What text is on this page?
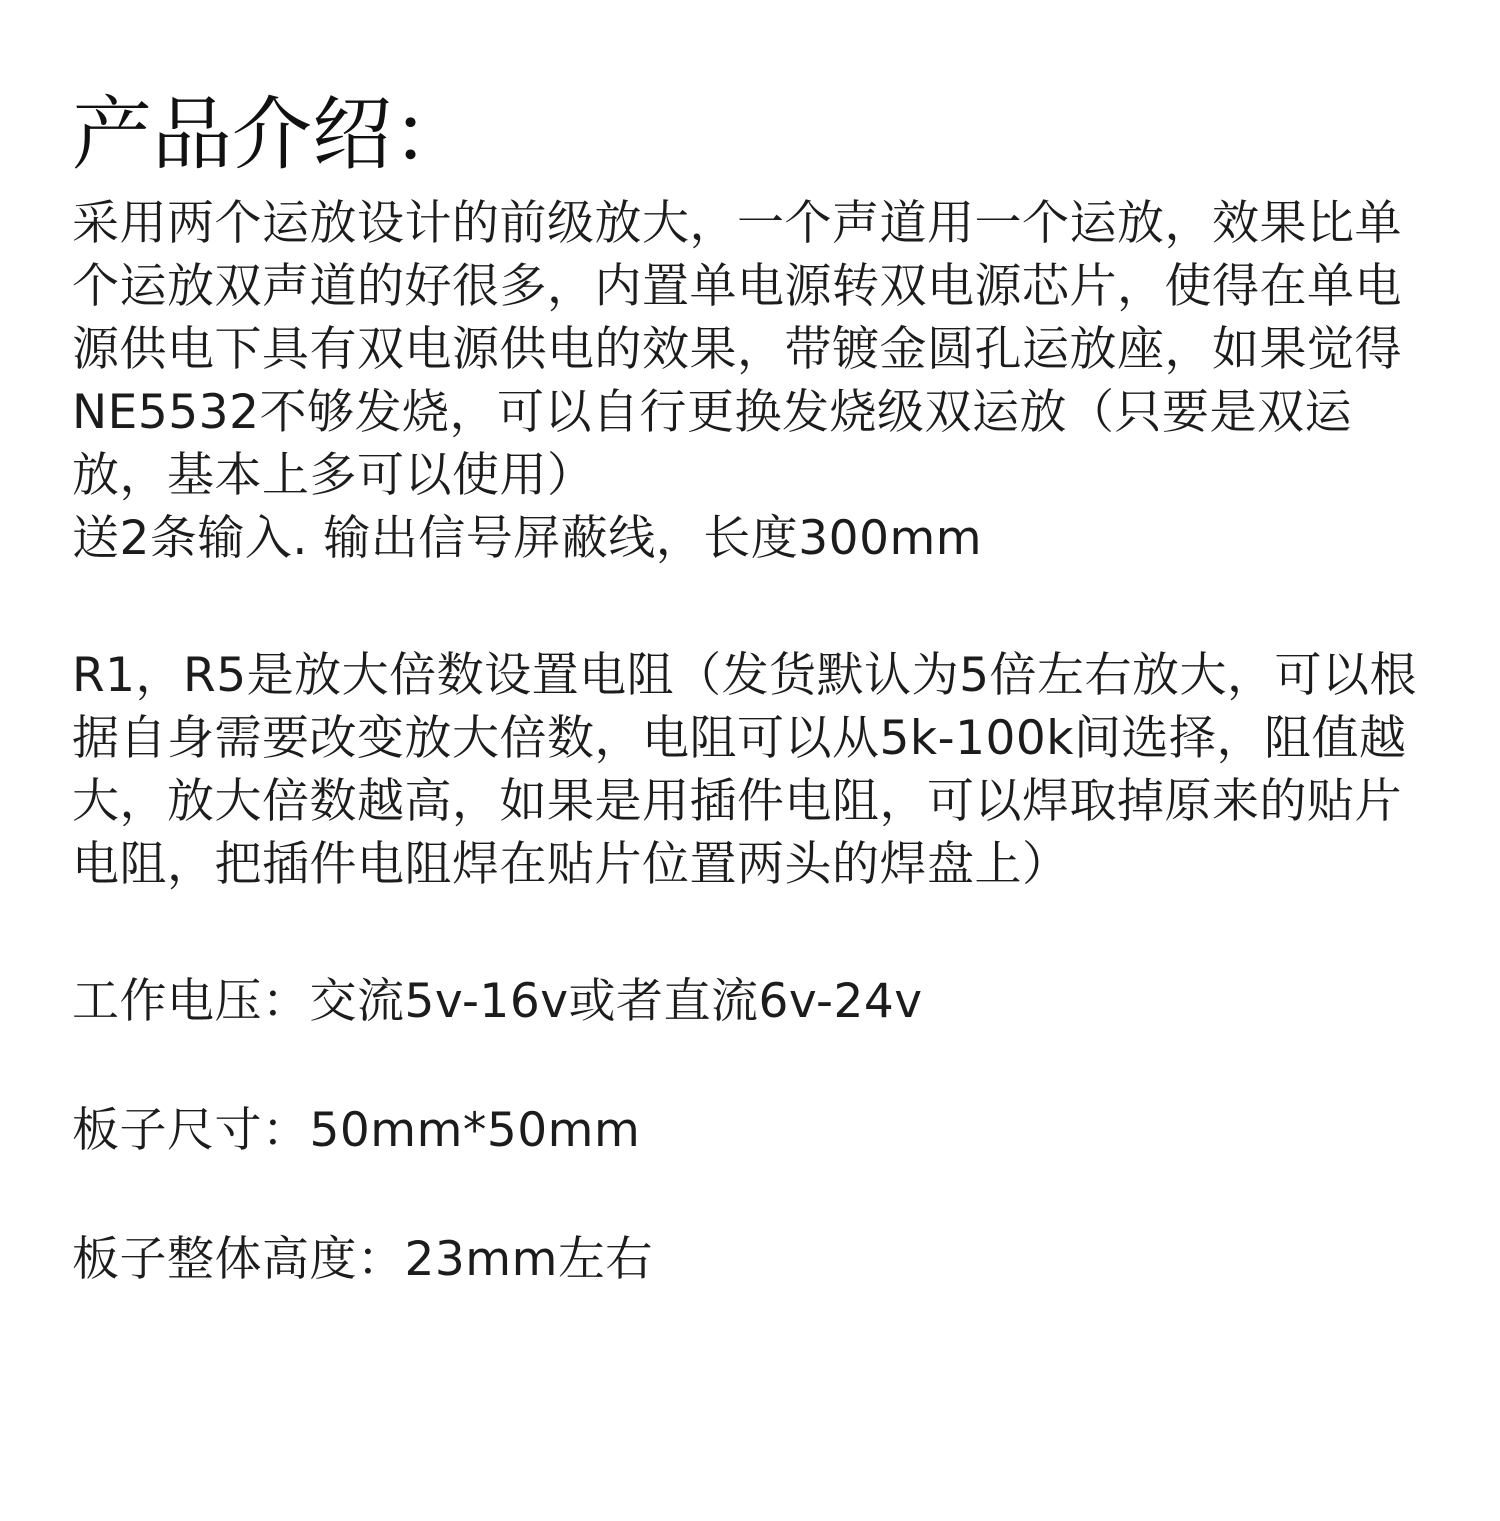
产品介绍：

采用两个运放设计的前级放大，一个声道用一个运放，效果比单个运放双声道的好很多，内置单电源转双电源芯片，使得在单电源供电下具有双电源供电的效果，带镀金圆孔运放座，如果觉得NE5532不够发烧，可以自行更换发烧级双运放（只要是双运放，基本上多可以使用）

送2条输入. 输出信号屏蔽线，长度300mm

R1，R5是放大倍数设置电阻（发货默认为5倍左右放大，可以根据自身需要改变放大倍数，电阻可以从5k-100k间选择，阻值越大，放大倍数越高，如果是用插件电阻，可以焊取掉原来的贴片电阻，把插件电阻焊在贴片位置两头的焊盘上）

工作电压：交流5v-16v或者直流6v-24v

板子尺寸：50mm*50mm

板子整体高度：23mm左右
